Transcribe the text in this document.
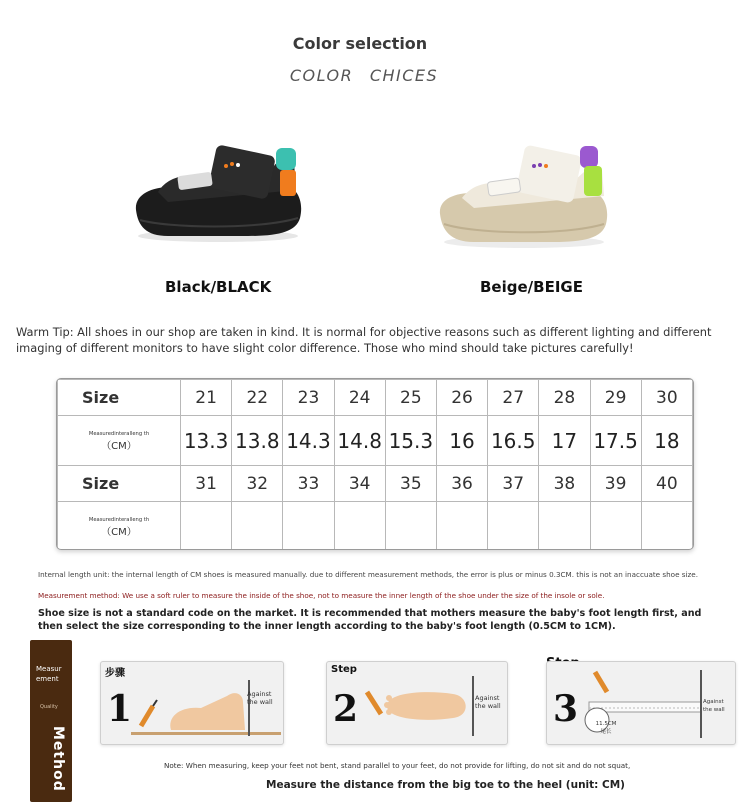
Color selection
COLOR CHICES
Black/BLACK	Beige/BEIGE
Warm Tip: All shoes in our shop are taken in kind. It is normal for objective reasons such as different lighting and different imaging of different monitors to have slight color difference. Those who mind should take pictures carefully!
Size	21	22	23	24	25	26	27	28	29	30
Measuredinteralleng th
（CM）	13.3	13.8	14.3	14.8	15.3	16	16.5	17	17.5	18
Size	31	32	33	34	35	36	37	38	39	40
Measuredinteralleng th
（CM）										

Internal length unit: the internal length of CM shoes is measured manually. due to different measurement methods, the error is plus or minus 0.3CM. this is not an inaccuate shoe size.
Measurement method: We use a soft ruler to measure the inside of the shoe, not to measure the inner length of the shoe under the size of the insole or sole.
Shoe size is not a standard code on the market. It is recommended that mothers measure the baby's foot length first, and then select the size corresponding to the inner length according to the baby's foot length (0.5CM to 1CM).
Measur ement
Quality
Method
步骤
1	Against the wall
Step
2	Against the wall 3	Against the wall
11.5CM
尾长
Note: When measuring, keep your feet not bent, stand parallel to your feet, do not provide for lifting, do not sit and do not squat,
Measure the distance from the big toe to the heel (unit: CM)
